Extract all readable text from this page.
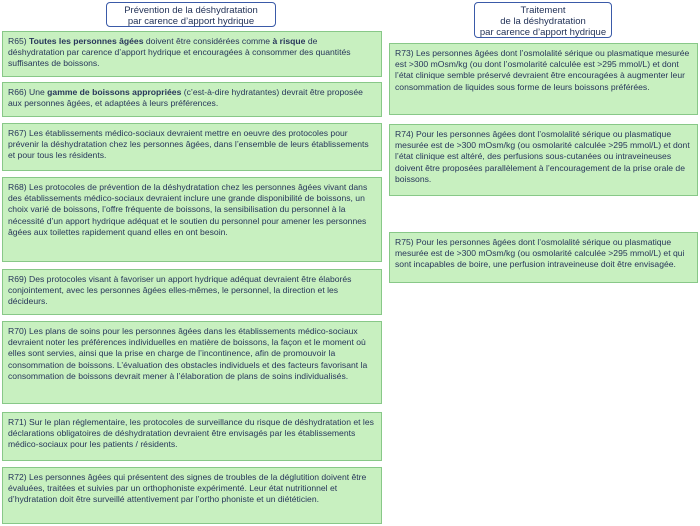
Prévention de la déshydratation
par carence d’apport hydrique
Traitement
de la déshydratation
par carence d’apport hydrique
R65) Toutes les personnes âgées doivent être considérées comme à risque de déshydratation par carence d’apport hydrique et encouragées à consommer des quantités suffisantes de boissons.
R66) Une gamme de boissons appropriées (c’est-à-dire hydratantes) devrait être proposée aux personnes âgées, et adaptées à leurs préférences.
R67) Les établissements médico-sociaux devraient mettre en oeuvre des protocoles pour prévenir la déshydratation chez les personnes âgées, dans l’ensemble de leurs établissements et pour tous les résidents.
R68) Les protocoles de prévention de la déshydratation chez les personnes âgées vivant dans des établissements médico-sociaux devraient inclure une grande disponibilité de boissons, un choix varié de boissons, l’offre fréquente de boissons, la sensibilisation du personnel à la nécessité d’un apport hydrique adéquat et le soutien du personnel pour amener les personnes âgées aux toilettes rapidement quand elles en ont besoin.
R69) Des protocoles visant à favoriser un apport hydrique adéquat devraient être élaborés conjointement, avec les personnes âgées elles-mêmes, le personnel, la direction et les décideurs.
R70) Les plans de soins pour les personnes âgées dans les établissements médico-sociaux devraient noter les préférences individuelles en matière de boissons, la façon et le moment où elles sont servies, ainsi que la prise en charge de l’incontinence, afin de promouvoir la consommation de boissons. L’évaluation des obstacles individuels et des facteurs favorisant la consommation de boissons devrait mener à l’élaboration de plans de soins individualisés.
R71) Sur le plan réglementaire, les protocoles de surveillance du risque de déshydratation et les déclarations obligatoires de déshydratation devraient être envisagés par les établissements médico-sociaux pour les patients / résidents.
R72) Les personnes âgées qui présentent des signes de troubles de la déglutition doivent être évaluées, traitées et suivies par un orthophoniste expérimenté. Leur état nutritionnel et d’hydratation doit être surveillé attentivement par l’ortho phoniste et un diététicien.
R73) Les personnes âgées dont l’osmolalité sérique ou plasmatique mesurée est >300 mOsm/kg (ou dont l’osmolarité calculée est >295 mmol/L) et dont l’état clinique semble préservé devraient être encouragées à augmenter leur consommation de liquides sous forme de leurs boissons préférées.
R74) Pour les personnes âgées dont l’osmolalité sérique ou plasmatique mesurée est de >300 mOsm/kg (ou osmolarité calculée >295 mmol/L) et dont l’état clinique est altéré, des perfusions sous-cutanées ou intraveineuses doivent être proposées parallèlement à l’encouragement de la prise orale de boissons.
R75) Pour les personnes âgées dont l’osmolalité sérique ou plasmatique mesurée est de >300 mOsm/kg (ou osmolarité calculée >295 mmol/L) et qui sont incapables de boire, une perfusion intraveineuse doit être envisagée.
